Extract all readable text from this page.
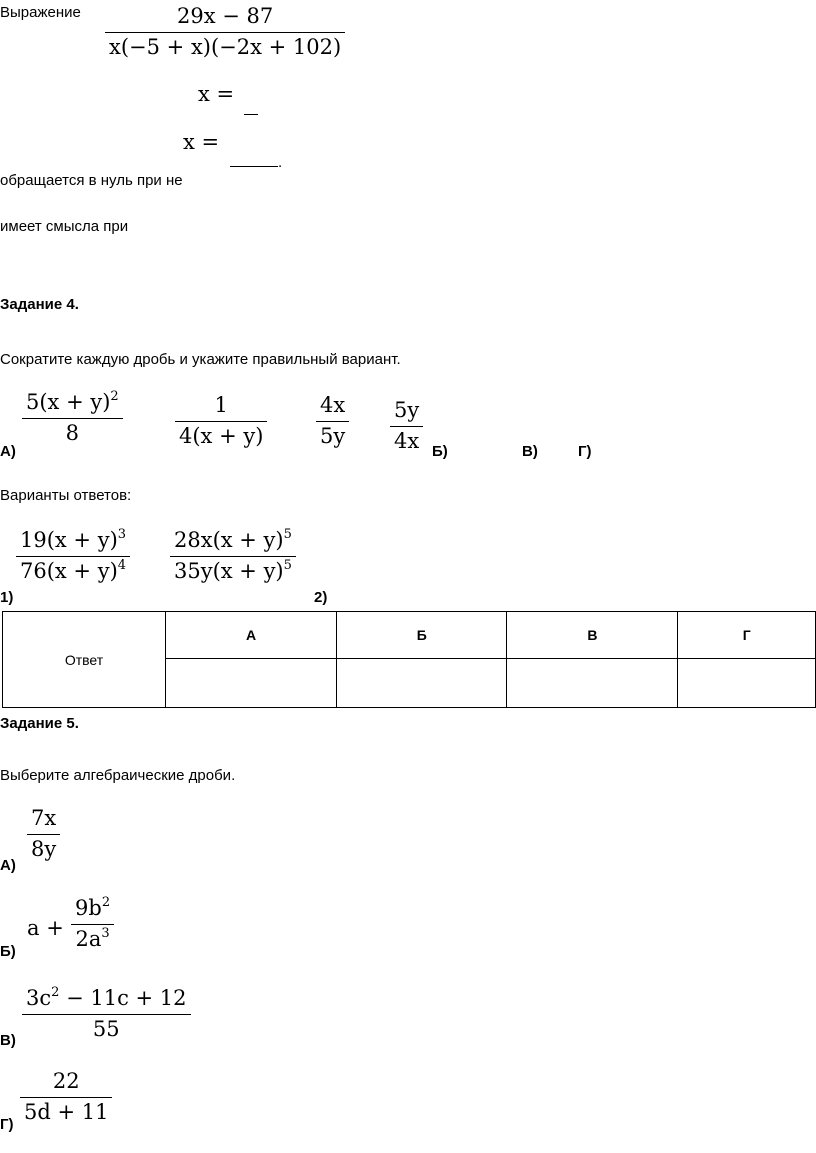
Выражение	29x − 87
x(−5 + x)(−2x + 102)
x =
x =
.
обращается в нуль при не
имеет смысла при
Задание 4.
Сократите каждую дробь и укажите правильный вариант.
А)
$5(x + y)^2$
8
1
4(x + y)
4x
5y
5y
4x Б)	В)	Г)
Варианты ответов:
$19(x + y)^3$
$76(x + y)^4$
$28x(x + y)^5$
$35y(x + y)^5$
1)	2)
Ответ	А	Б	В	Г

Задание 5.
Выберите алгебраические дроби.
7x
8y
А)
a +
$9b^2$
$2a^3$
Б)
$3c^2 - 11c + 12$
55
В)
22
5d + 11
Г)
